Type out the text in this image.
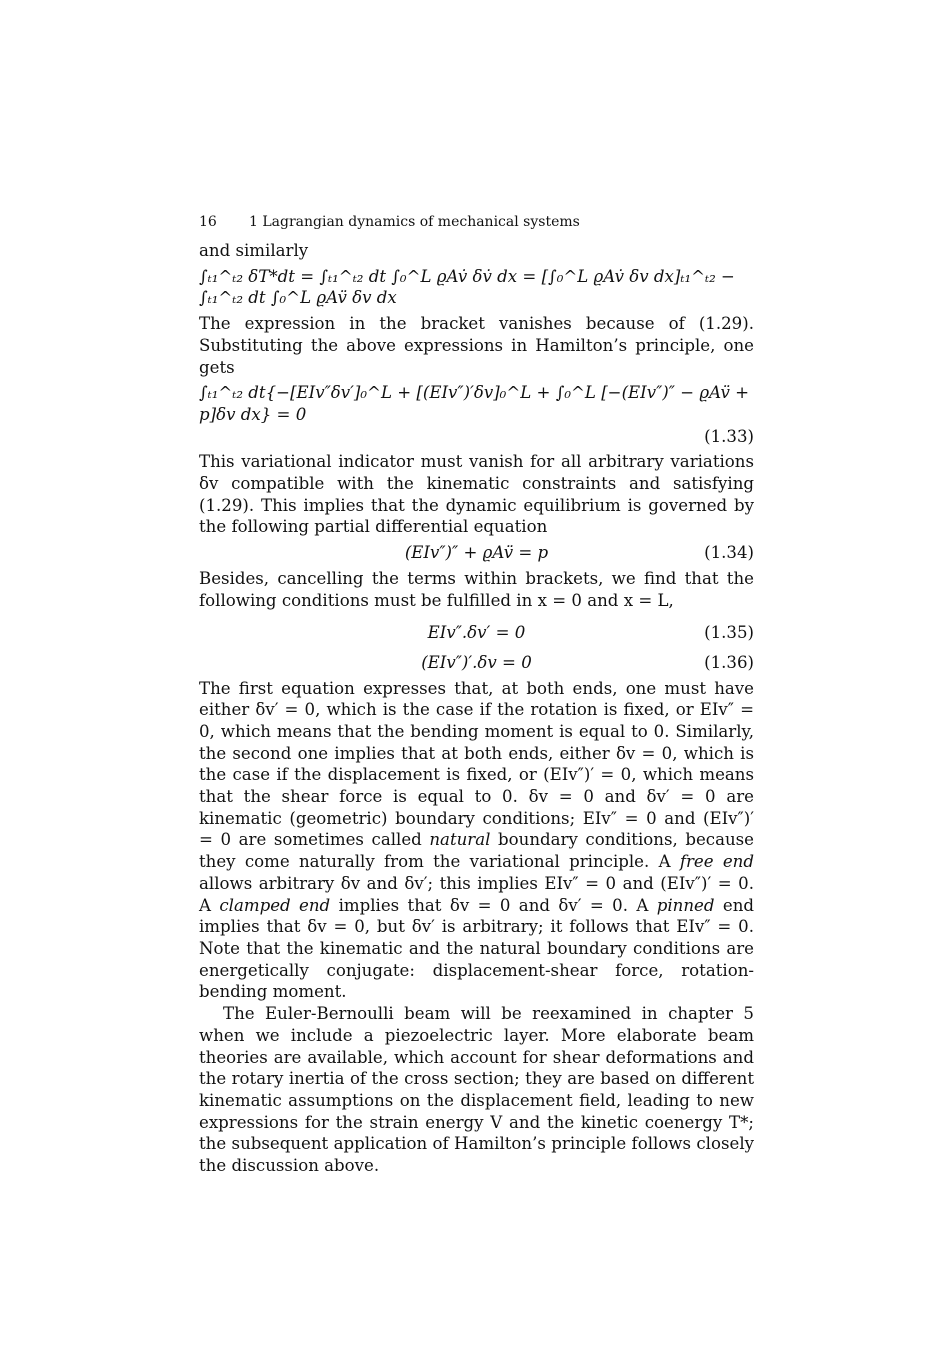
16 1 Lagrangian dynamics of mechanical systems

and similarly

∫ₜ₁^ₜ₂ δT*dt = ∫ₜ₁^ₜ₂ dt ∫₀^L ϱAv̇ δv̇ dx = [∫₀^L ϱAv̇ δv dx]ₜ₁^ₜ₂ − ∫ₜ₁^ₜ₂ dt ∫₀^L ϱAv̈ δv dx

The expression in the bracket vanishes because of (1.29). Substituting the above expressions in Hamilton’s principle, one gets

∫ₜ₁^ₜ₂ dt{−[EIv″δv′]₀^L + [(EIv″)′δv]₀^L + ∫₀^L [−(EIv″)″ − ϱAv̈ + p]δv dx} = 0
(1.33)

This variational indicator must vanish for all arbitrary variations δv compatible with the kinematic constraints and satisfying (1.29). This implies that the dynamic equilibrium is governed by the following partial differential equation

(EIv″)″ + ϱAv̈ = p	(1.34)

Besides, cancelling the terms within brackets, we find that the following conditions must be fulfilled in x = 0 and x = L,

EIv″.δv′ = 0	(1.35)
(EIv″)′.δv = 0	(1.36)

The first equation expresses that, at both ends, one must have either δv′ = 0, which is the case if the rotation is fixed, or EIv″ = 0, which means that the bending moment is equal to 0. Similarly, the second one implies that at both ends, either δv = 0, which is the case if the displacement is fixed, or (EIv″)′ = 0, which means that the shear force is equal to 0. δv = 0 and δv′ = 0 are kinematic (geometric) boundary conditions; EIv″ = 0 and (EIv″)′ = 0 are sometimes called natural boundary conditions, because they come naturally from the variational principle. A free end allows arbitrary δv and δv′; this implies EIv″ = 0 and (EIv″)′ = 0. A clamped end implies that δv = 0 and δv′ = 0. A pinned end implies that δv = 0, but δv′ is arbitrary; it follows that EIv″ = 0. Note that the kinematic and the natural boundary conditions are energetically conjugate: displacement-shear force, rotation-bending moment.

The Euler-Bernoulli beam will be reexamined in chapter 5 when we include a piezoelectric layer. More elaborate beam theories are available, which account for shear deformations and the rotary inertia of the cross section; they are based on different kinematic assumptions on the displacement field, leading to new expressions for the strain energy V and the kinetic coenergy T*; the subsequent application of Hamilton’s principle follows closely the discussion above.
